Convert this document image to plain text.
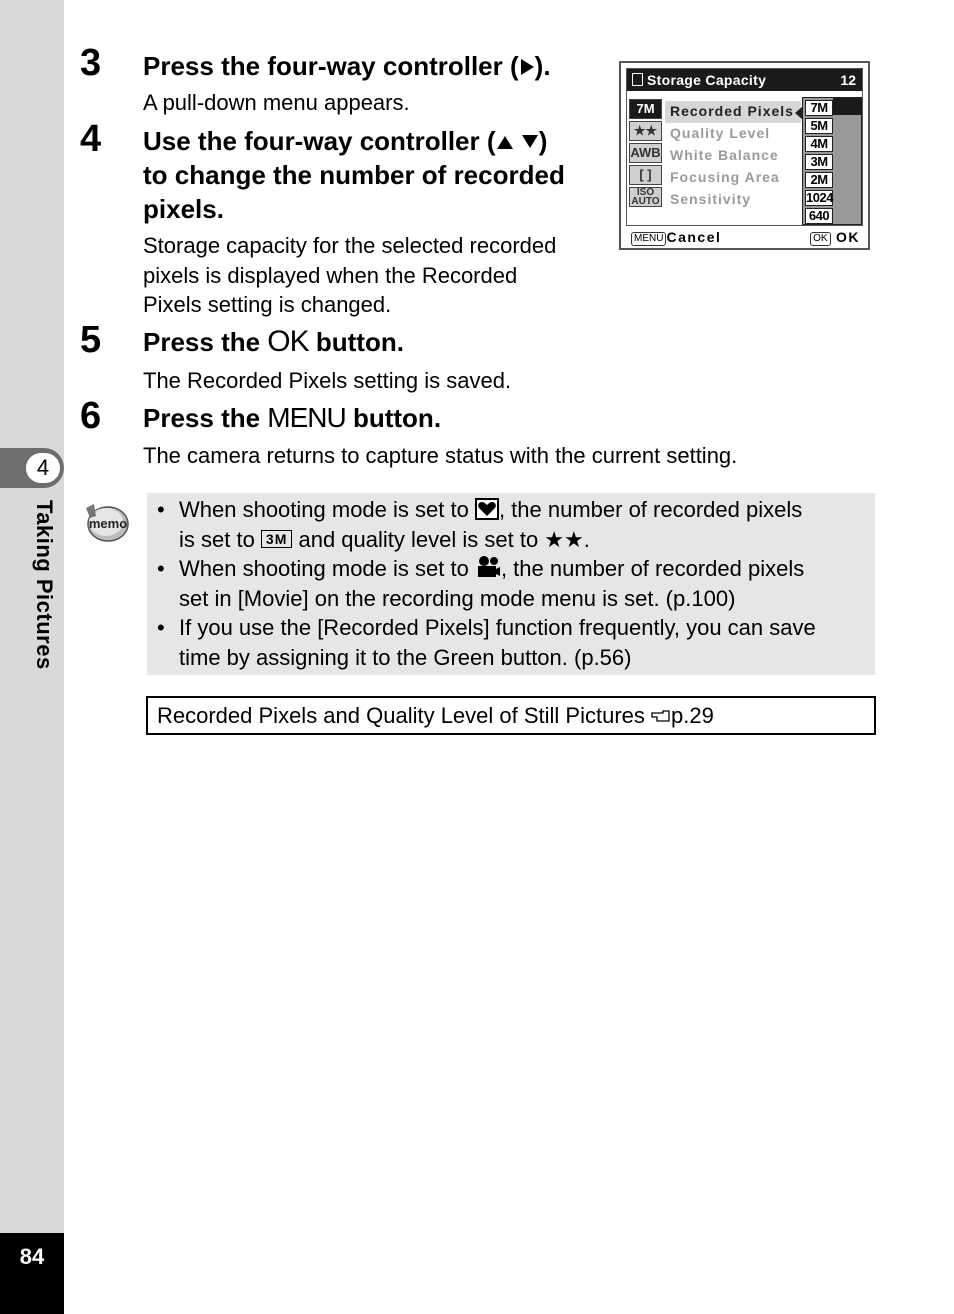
4
Taking Pictures
84
3 Press the four-way controller ( ).
A pull-down menu appears.
4 Use the four-way controller ( )
to change the number of recorded
pixels.
Storage capacity for the selected recorded
pixels is displayed when the Recorded
Pixels setting is changed.
5 Press the OK button.
The Recorded Pixels setting is saved.
6 Press the MENU button.
The camera returns to capture status with the current setting.
Storage Capacity	12
7M
★★
AWB
[ ]
ISO AUTO
Recorded Pixels
Quality Level
White Balance
Focusing Area
Sensitivity
7M
5M
4M
3M
2M
1024
640
MENU Cancel	OK OK
memo
• When shooting mode is set to , the number of recorded pixels
is set to 3M and quality level is set to ★★.
• When shooting mode is set to , the number of recorded pixels
set in [Movie] on the recording mode menu is set. (p.100)
• If you use the [Recorded Pixels] function frequently, you can save
time by assigning it to the Green button. (p.56)
Recorded Pixels and Quality Level of Still Pictures p.29
